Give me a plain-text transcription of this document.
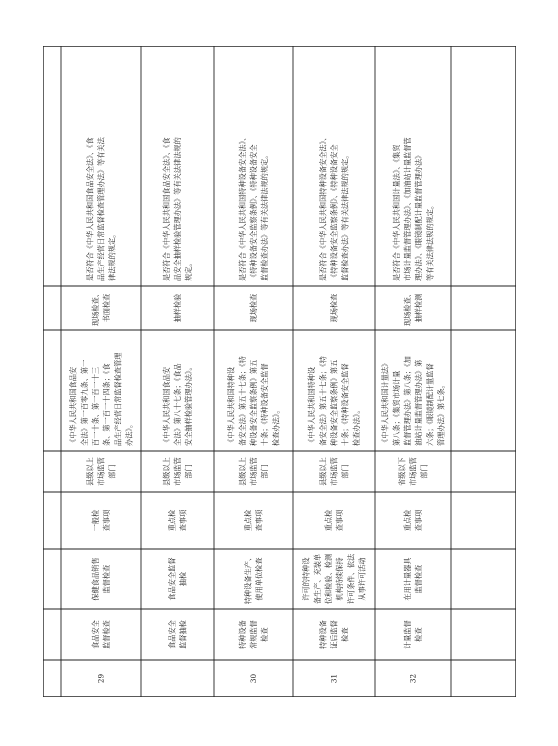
29
食品安全 监督检查
保健食品销售 监督检查
一般检 查事项
县级以上 市场监管 部门
《中华人民共和国食品安 全法》第一百零九条、第一 百一十条、第一百一十三 条、第一百一十四条；《食 品生产经营日常监督检查管理 办法》。
现场检查、 书面检查
是否符合《中华人民共和国食品安全法》、《食 品生产经营日常监督检查管理办法》等有关法 律法规的规定。
食品安全 监督抽检
食品安全监督 抽检
重点检 查事项
县级以上 市场监管 部门
《中华人民共和国食品安 全法》第八十七条；《食品 安全抽样检验管理办法》。
抽样检验
是否符合《中华人民共和国食品安全法》、《食 品安全抽样检验管理办法》等有关法律法规的 规定。
30
特种设备 常规监督 检查
特种设备生产、 使用单位检查
重点检 查事项
县级以上 市场监管 部门
《中华人民共和国特种设 备安全法》第五十七条；《特 种设备安全监察条例》第五 十条；《特种设备安全监督 检查办法》。
现场检查
是否符合《中华人民共和国特种设备安全法》、 《特种设备安全监察条例》、《特种设备安全 监督检查办法》等有关法律法规的规定。
31
特种设备 证后监督 检查
许可的特种设 备生产、充装单 位和检验、检测 机构持续保持 许可条件、依法 从事许可活动
重点检 查事项
县级以上 市场监管 部门
《中华人民共和国特种设 备安全法》第五十七条；《特 种设备安全监察条例》第五 十条；《特种设备安全监督 检查办法》。
现场检查
是否符合《中华人民共和国特种设备安全法》、 《特种设备安全监察条例》、《特种设备安全 监督检查办法》等有关法律法规的规定。
32
计量监督 检查
在用计量器具 监督检查
重点检 查事项
省级以下 市场监管 部门
《中华人民共和国计量法》 第八条；《集贸市场计量 监督管理办法》第八条；《加 油站计量监督管理办法》第 六条；《眼镜制配计量监督 管理办法》第七条。
现场检查、 抽样检测
是否符合《中华人民共和国计量法》、《集贸 市场计量监督管理办法》、《加油站计量监督管 理办法》、《眼镜制配计量监督管理办法》 等有关法律法规的规定。
